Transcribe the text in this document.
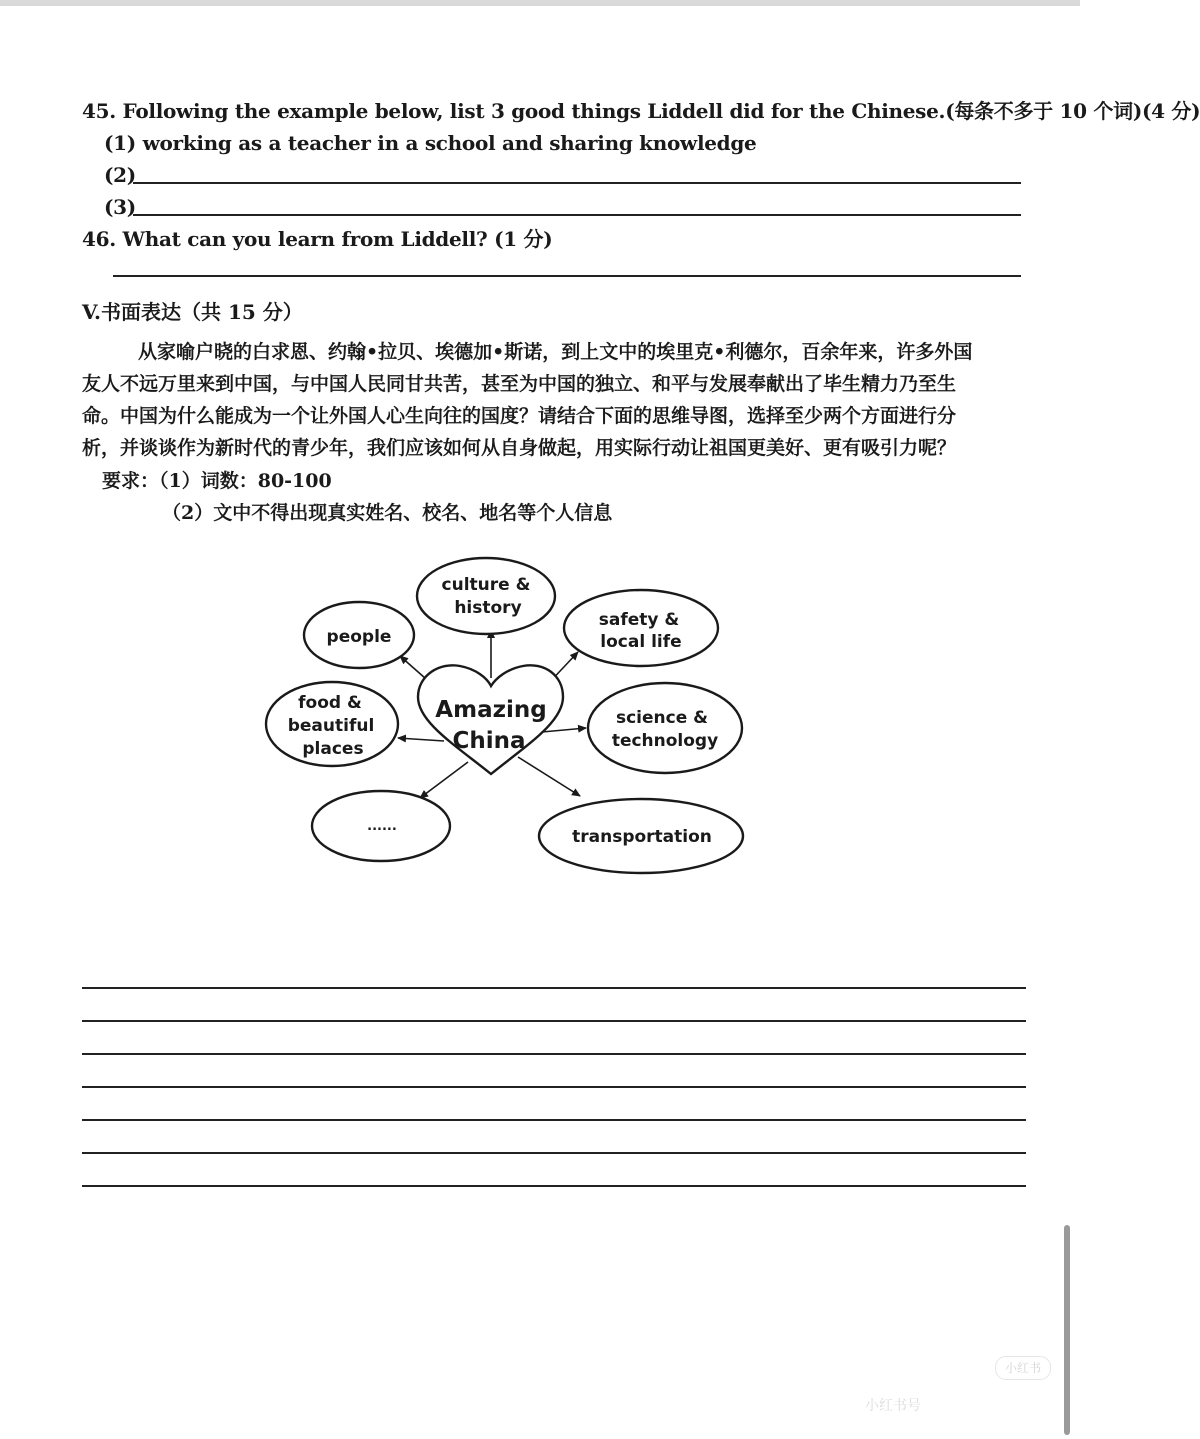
45. Following the example below, list 3 good things Liddell did for the Chinese.(每条不多于 10 个词)(4 分)
(1) working as a teacher in a school and sharing knowledge
(2)
(3)
46. What can you learn from Liddell? (1 分)
V.书面表达（共 15 分）
从家喻户晓的白求恩、约翰•拉贝、埃德加•斯诺，到上文中的埃里克•利德尔，百余年来，许多外国
友人不远万里来到中国，与中国人民同甘共苦，甚至为中国的独立、和平与发展奉献出了毕生精力乃至生
命。中国为什么能成为一个让外国人心生向往的国度？请结合下面的思维导图，选择至少两个方面进行分
析，并谈谈作为新时代的青少年，我们应该如何从自身做起，用实际行动让祖国更美好、更有吸引力呢？
要求：（1）词数：80-100
（2）文中不得出现真实姓名、校名、地名等个人信息
Amazing
China
culture &
history
people
safety &
local life
food &
beautiful
places
science &
technology
......
transportation
小红书
小红书号
